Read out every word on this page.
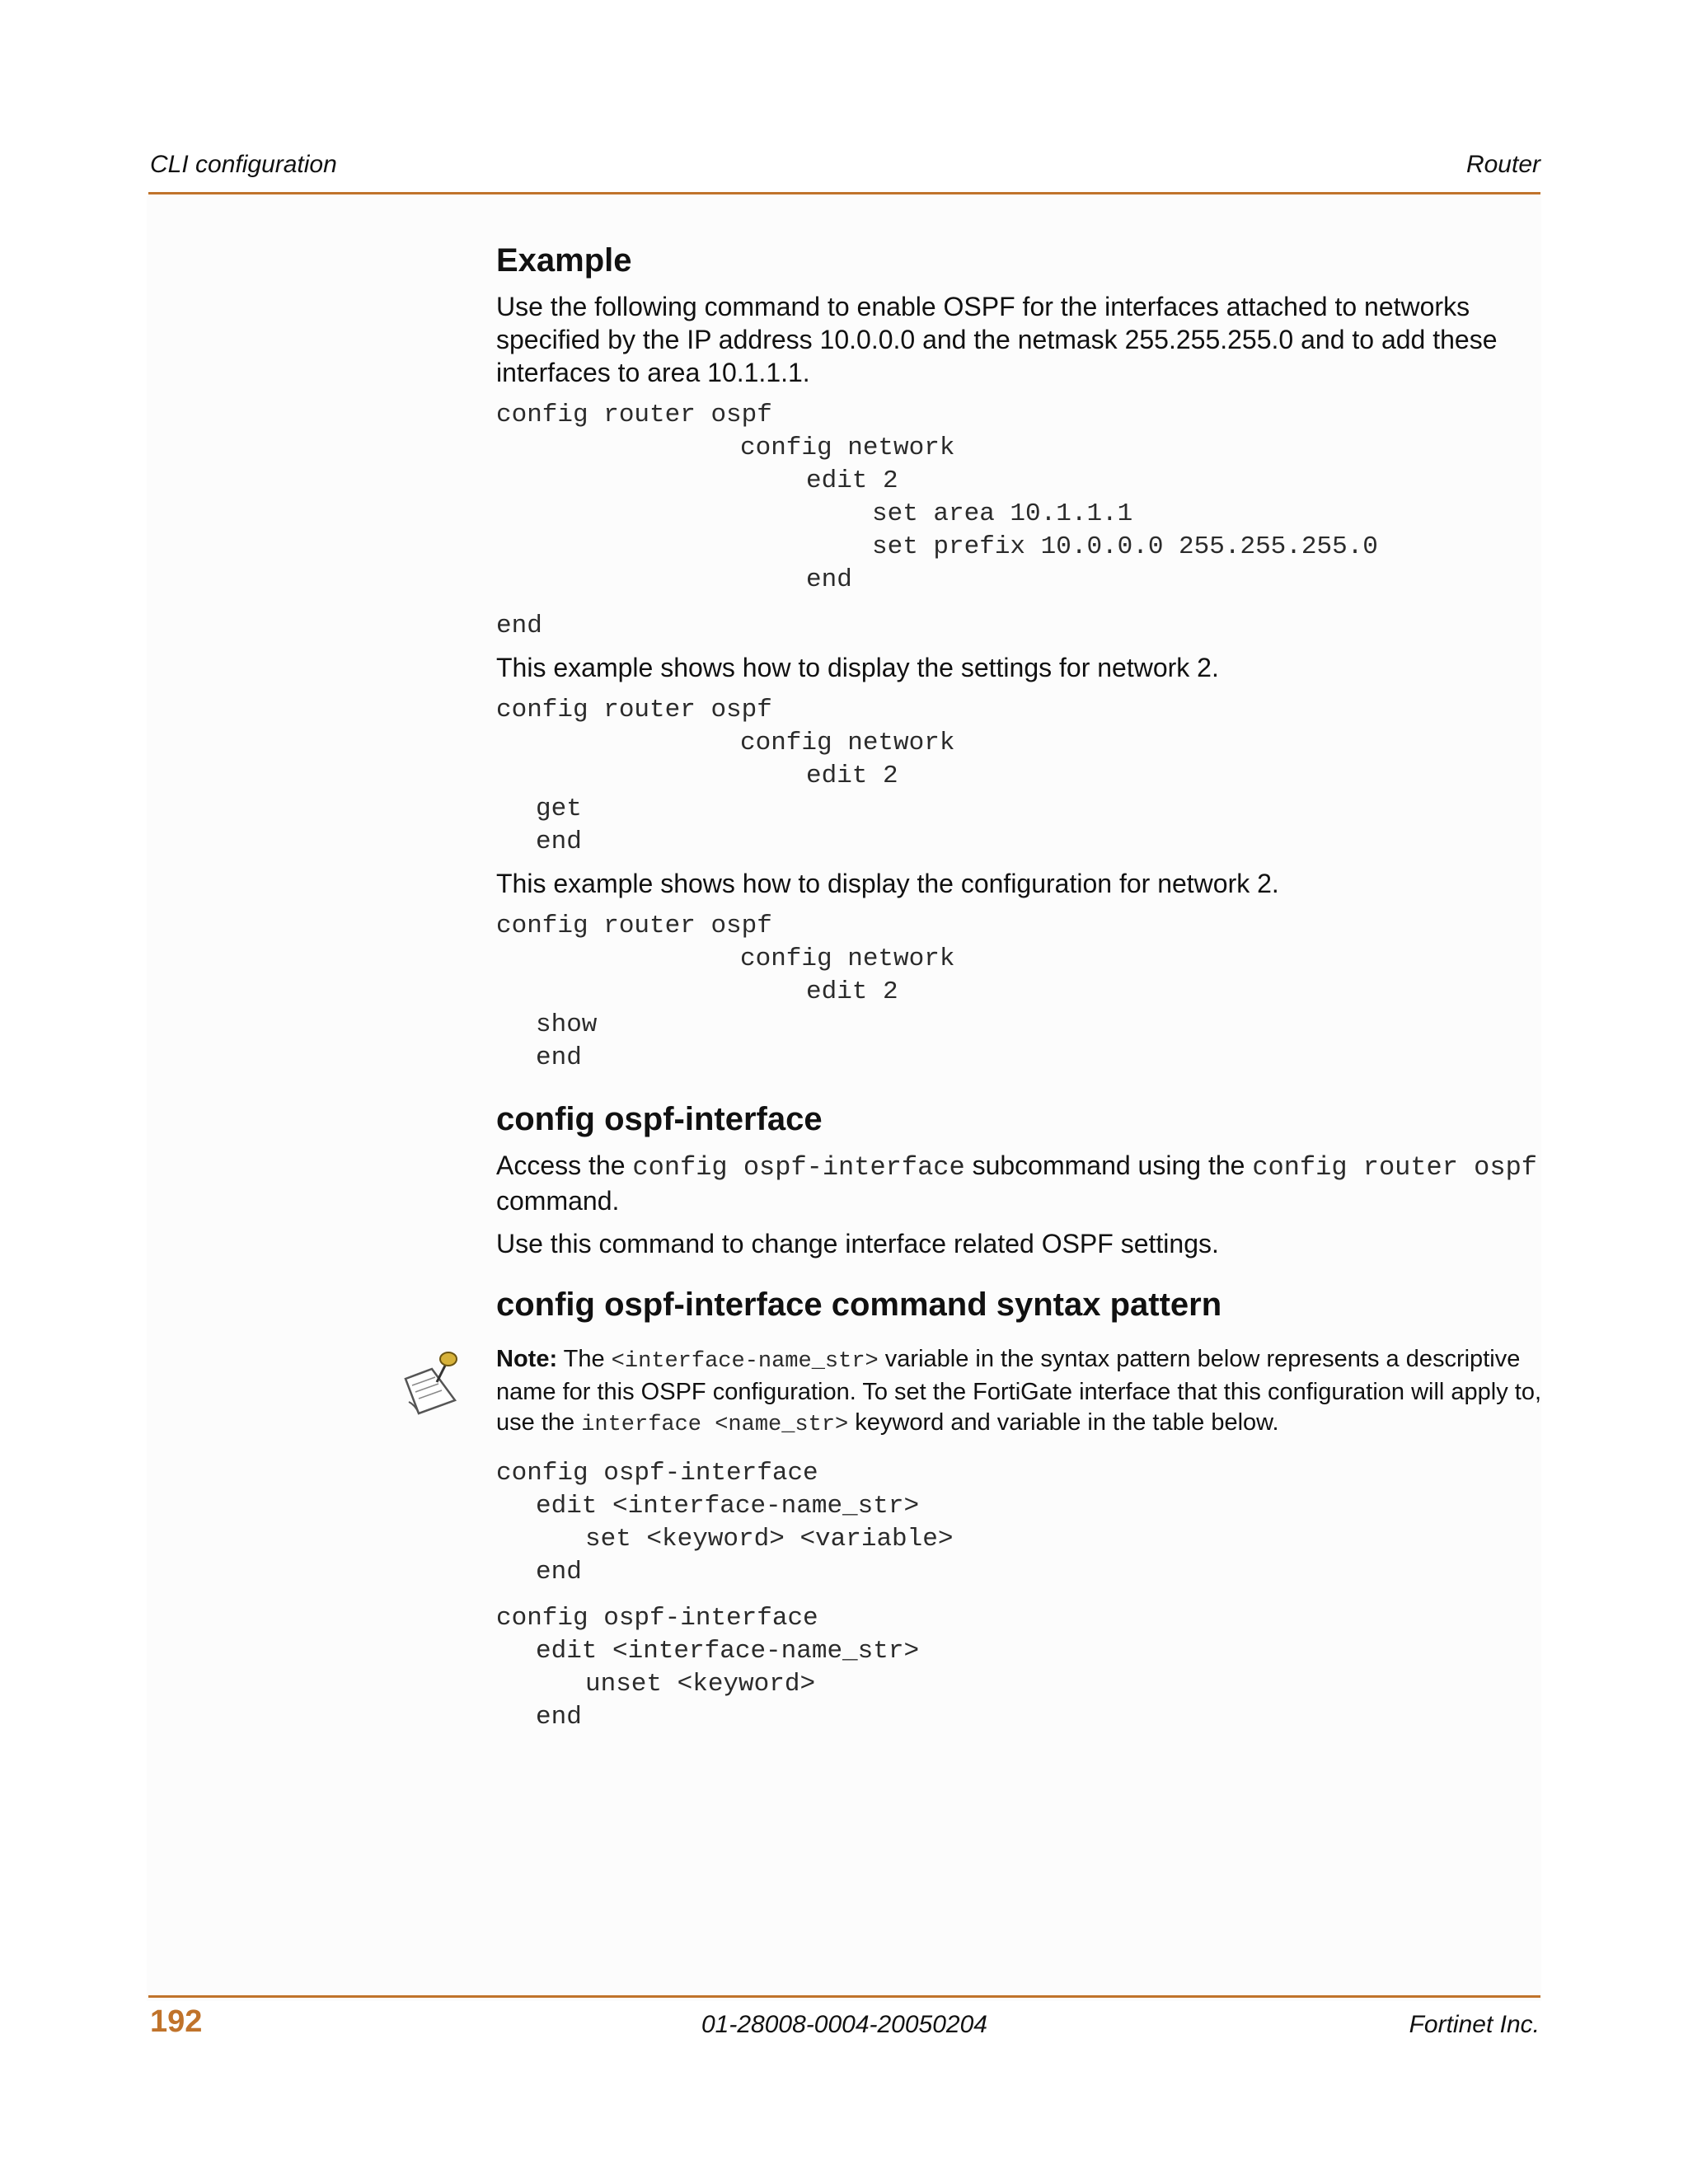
CLI configuration	Router
Example

Use the following command to enable OSPF for the interfaces attached to networks specified by the IP address 10.0.0.0 and the netmask 255.255.255.0 and to add these interfaces to area 10.1.1.1.

config router ospf
config network
edit 2
set area 10.1.1.1
set prefix 10.0.0.0 255.255.255.0
end
end

This example shows how to display the settings for network 2.

config router ospf
config network
edit 2
get
end

This example shows how to display the configuration for network 2.

config router ospf
config network
edit 2
show
end
config ospf-interface

Access the config ospf-interface subcommand using the config router ospf command.

Use this command to change interface related OSPF settings.

config ospf-interface command syntax pattern
Note: The <interface-name_str> variable in the syntax pattern below represents a descriptive name for this OSPF configuration. To set the FortiGate interface that this configuration will apply to, use the interface <name_str> keyword and variable in the table below.
config ospf-interface
edit <interface-name_str>
set <keyword> <variable>
end
config ospf-interface
edit <interface-name_str>
unset <keyword>
end
192	01-28008-0004-20050204	Fortinet Inc.
